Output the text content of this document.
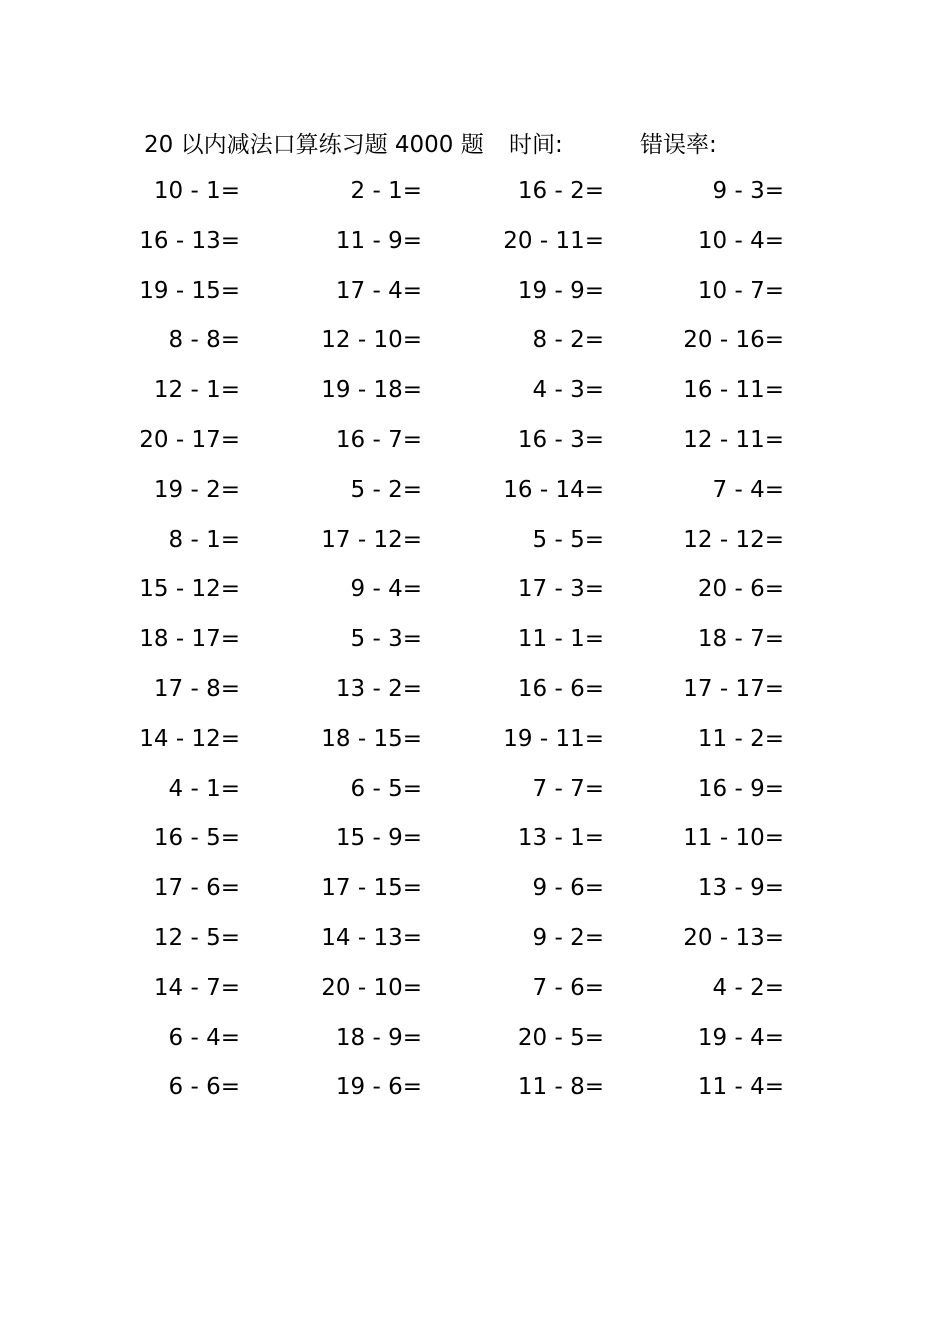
20 以内减法口算练习题 4000 题 时间:	错误率:
10 - 1=	2 - 1=	16 - 2=	9 - 3=
16 - 13=	11 - 9=	20 - 11=	10 - 4=
19 - 15=	17 - 4=	19 - 9=	10 - 7=
8 - 8=	12 - 10=	8 - 2=	20 - 16=
12 - 1=	19 - 18=	4 - 3=	16 - 11=
20 - 17=	16 - 7=	16 - 3=	12 - 11=
19 - 2=	5 - 2=	16 - 14=	7 - 4=
8 - 1=	17 - 12=	5 - 5=	12 - 12=
15 - 12=	9 - 4=	17 - 3=	20 - 6=
18 - 17=	5 - 3=	11 - 1=	18 - 7=
17 - 8=	13 - 2=	16 - 6=	17 - 17=
14 - 12=	18 - 15=	19 - 11=	11 - 2=
4 - 1=	6 - 5=	7 - 7=	16 - 9=
16 - 5=	15 - 9=	13 - 1=	11 - 10=
17 - 6=	17 - 15=	9 - 6=	13 - 9=
12 - 5=	14 - 13=	9 - 2=	20 - 13=
14 - 7=	20 - 10=	7 - 6=	4 - 2=
6 - 4=	18 - 9=	20 - 5=	19 - 4=
6 - 6=	19 - 6=	11 - 8=	11 - 4=
